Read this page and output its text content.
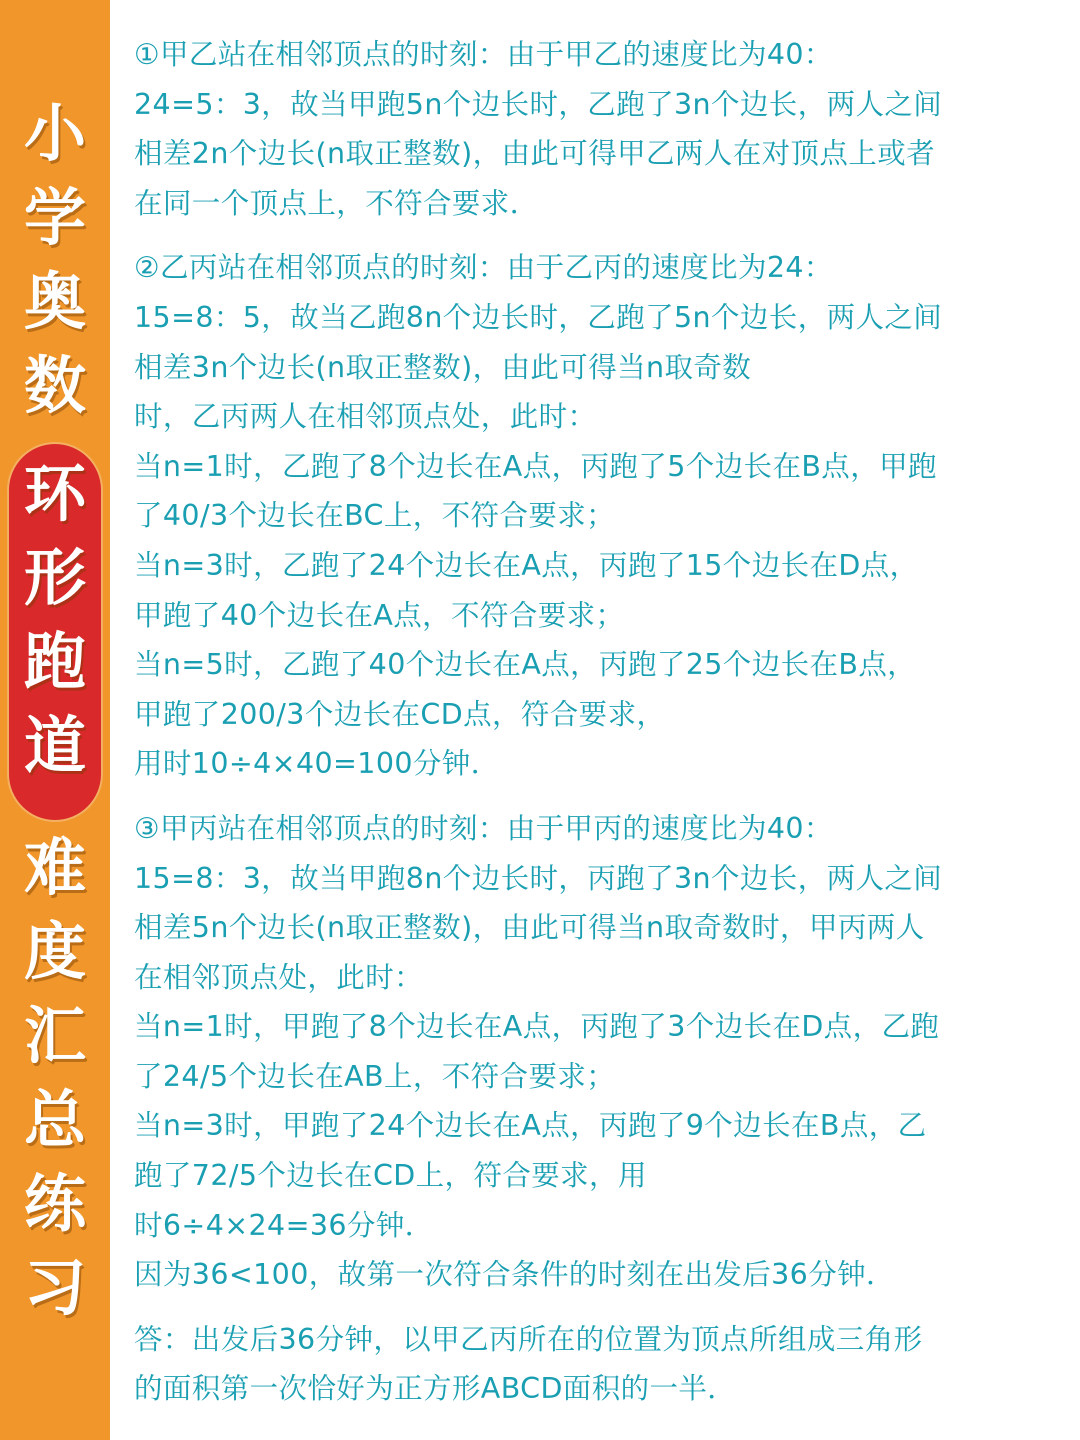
小
学
奥
数
环
形
跑
道
难
度
汇
总
练
习
①甲乙站在相邻顶点的时刻：由于甲乙的速度比为40：
24=5：3，故当甲跑5n个边长时，乙跑了3n个边长，两人之间
相差2n个边长(n取正整数)，由此可得甲乙两人在对顶点上或者
在同一个顶点上，不符合要求．
②乙丙站在相邻顶点的时刻：由于乙丙的速度比为24：
15=8：5，故当乙跑8n个边长时，乙跑了5n个边长，两人之间
相差3n个边长(n取正整数)，由此可得当n取奇数
时，乙丙两人在相邻顶点处，此时：
当n=1时，乙跑了8个边长在A点，丙跑了5个边长在B点，甲跑
了40/3个边长在BC上，不符合要求；
当n=3时，乙跑了24个边长在A点，丙跑了15个边长在D点，
甲跑了40个边长在A点，不符合要求；
当n=5时，乙跑了40个边长在A点，丙跑了25个边长在B点，
甲跑了200/3个边长在CD点，符合要求，
用时10÷4×40=100分钟．
③甲丙站在相邻顶点的时刻：由于甲丙的速度比为40：
15=8：3，故当甲跑8n个边长时，丙跑了3n个边长，两人之间
相差5n个边长(n取正整数)，由此可得当n取奇数时，甲丙两人
在相邻顶点处，此时：
当n=1时，甲跑了8个边长在A点，丙跑了3个边长在D点，乙跑
了24/5个边长在AB上，不符合要求；
当n=3时，甲跑了24个边长在A点，丙跑了9个边长在B点，乙
跑了72/5个边长在CD上，符合要求，用
时6÷4×24=36分钟．
因为36<100，故第一次符合条件的时刻在出发后36分钟．
答：出发后36分钟，以甲乙丙所在的位置为顶点所组成三角形
的面积第一次恰好为正方形ABCD面积的一半．
